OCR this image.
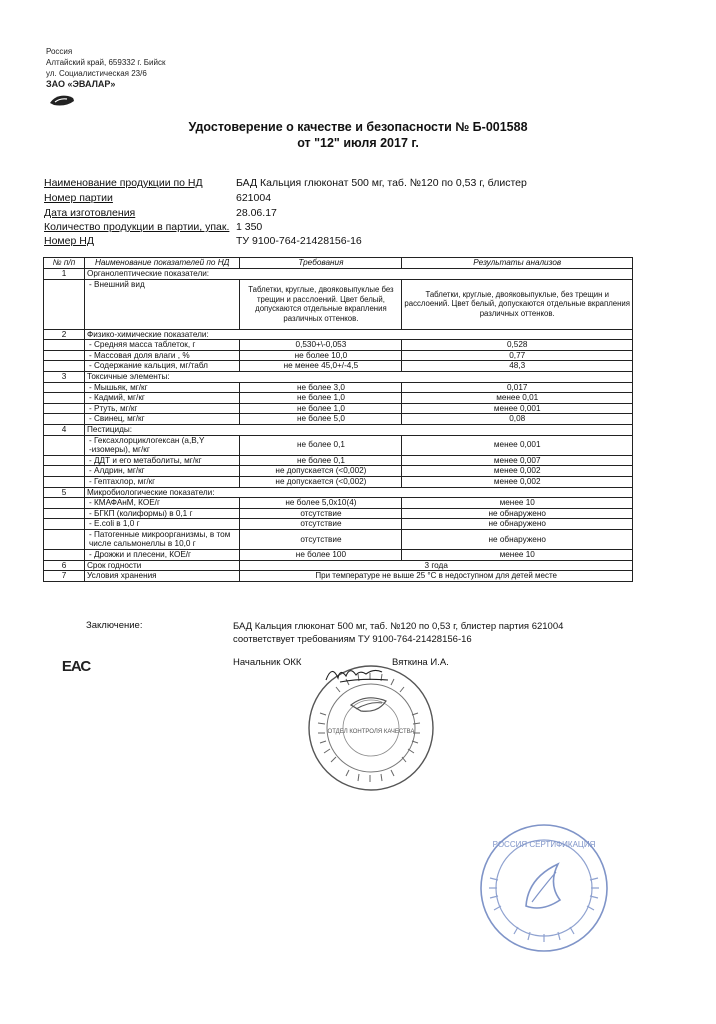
Россия
Алтайский край, 659332 г. Бийск
ул. Социалистическая 23/6
ЗАО «ЭВАЛАР»
Удостоверение о качестве и безопасности № Б-001588
от "12" июля 2017 г.
Наименование продукции по НД	БАД Кальция глюконат 500 мг, таб. №120 по 0,53 г, блистер
Номер партии	621004
Дата изготовления	28.06.17
Количество продукции в партии, упак. 1 350
Номер НД	ТУ 9100-764-21428156-16
№ п/п	Наименование показателей по НД	Требования	Результаты анализов
1	Органолептические показатели:		
	- Внешний вид	Таблетки, круглые, двояковыпуклые без трещин и расслоений. Цвет белый, допускаются отдельные вкрапления различных оттенков.	Таблетки, круглые, двояковыпуклые, без трещин и расслоений. Цвет белый, допускаются отдельные вкрапления различных оттенков.
2	Физико-химические показатели:		
	- Средняя масса таблеток, г	0,530+\-0,053	0,528
	- Массовая доля влаги , %	не более 10,0	0,77
	- Содержание кальция, мг/табл	не менее 45,0+/-4,5	48,3
3	Токсичные элементы:		
	- Мышьяк, мг/кг	не более 3,0	0,017
	- Кадмий, мг/кг	не более 1,0	менее 0,01
	- Ртуть, мг/кг	не более 1,0	менее 0,001
	- Свинец, мг/кг	не более 5,0	0,08
4	Пестициды:		
	- Гексахлорциклогексан (a,B,Y -изомеры), мг/кг	не более 0,1	менее 0,001
	- ДДТ и его метаболиты, мг/кг	не более 0,1	менее 0,007
	- Алдрин, мг/кг	не допускается (<0,002)	менее 0,002
	- Гептахлор, мг/кг	не допускается (<0,002)	менее 0,002
5	Микробиологические показатели:		
	- КМАФАнМ, КОЕ/г	не более 5,0х10(4)	менее 10
	- БГКП (колиформы) в 0,1 г	отсутствие	не обнаружено
	- E.coli в 1,0 г	отсутствие	не обнаружено
	- Патогенные микроорганизмы, в том числе сальмонеллы в 10,0 г	отсутствие	не обнаружено
	- Дрожжи и плесени, КОЕ/г	не более 100	менее 10
6	Срок годности	3 года	
7	Условия хранения	При температуре не выше 25 °С в недоступном для детей месте	
Заключение:	БАД Кальция глюконат 500 мг, таб. №120 по 0,53 г, блистер партия 621004
соответствует требованиям ТУ 9100-764-21428156-16
ЕАС	Начальник ОКК	Вяткина И.А.
ОТДЕЛ КОНТРОЛЯ КАЧЕСТВА
РОССИЯ СЕРТИФИКАЦИЯ
